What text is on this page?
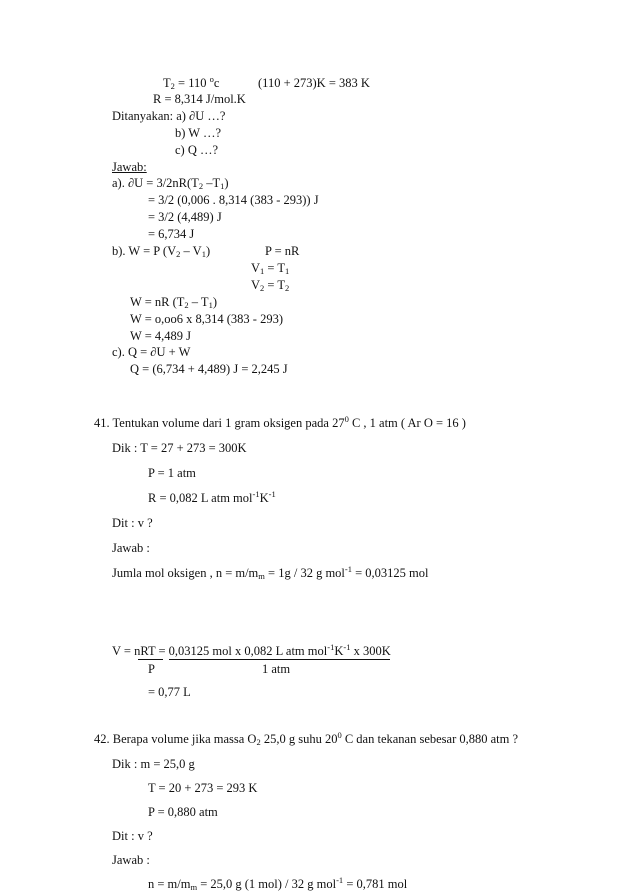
$T_2 = 110$ $^o$c	(110 + 273)K = 383 K
R = 8,314 J/mol.K
Ditanyakan: a) ∂U …?
b) W …?
c) Q …?
Jawab:
a). $\partial U = 3/2nR(T_2$ $-T_1$)
= 3/2 (0,006 . 8,314 (383 - 293)) J
= 3/2 (4,489) J
= 6,734 J
b). W = P $(V_2 - V_1)$	P = nR
$V_1 = T_1$
$V_2 = T_2$
W = nR $(T_2 - T_1)$
W = o,oo6 x 8,314 (383 - 293)
W = 4,489 J
c). Q = ∂U + W
Q = (6,734 + 4,489) J = 2,245 J
41. Tentukan volume dari 1 gram oksigen pada $27^0$ C , 1 atm ( Ar O = 16 )
Dik : T = 27 + 273 = 300K
P = 1 atm
R = 0,082 L atm $mol^{-1}K^{-1}$
Dit : v ?
Jawab :
Jumla mol oksigen , $n = m/m_m = 1g / 32$ g mol$^{-1}$ = 0,03125 mol
V = nRT = 0,03125 mol x 0,082 L atm $mol^{-1}K^{-1}$ x 300K
P	1 atm
= 0,77 L
42. Berapa volume jika massa $O_2$ 25,0 g suhu $20^0$ C dan tekanan sebesar 0,880 atm ?
Dik : m = 25,0 g
T = 20 + 273 = 293 K
P = 0,880 atm
Dit : v ?
Jawab :
$n = m/m_m = 25,0$ g (1 mol) / 32 g mol$^{-1}$ = 0,781 mol
